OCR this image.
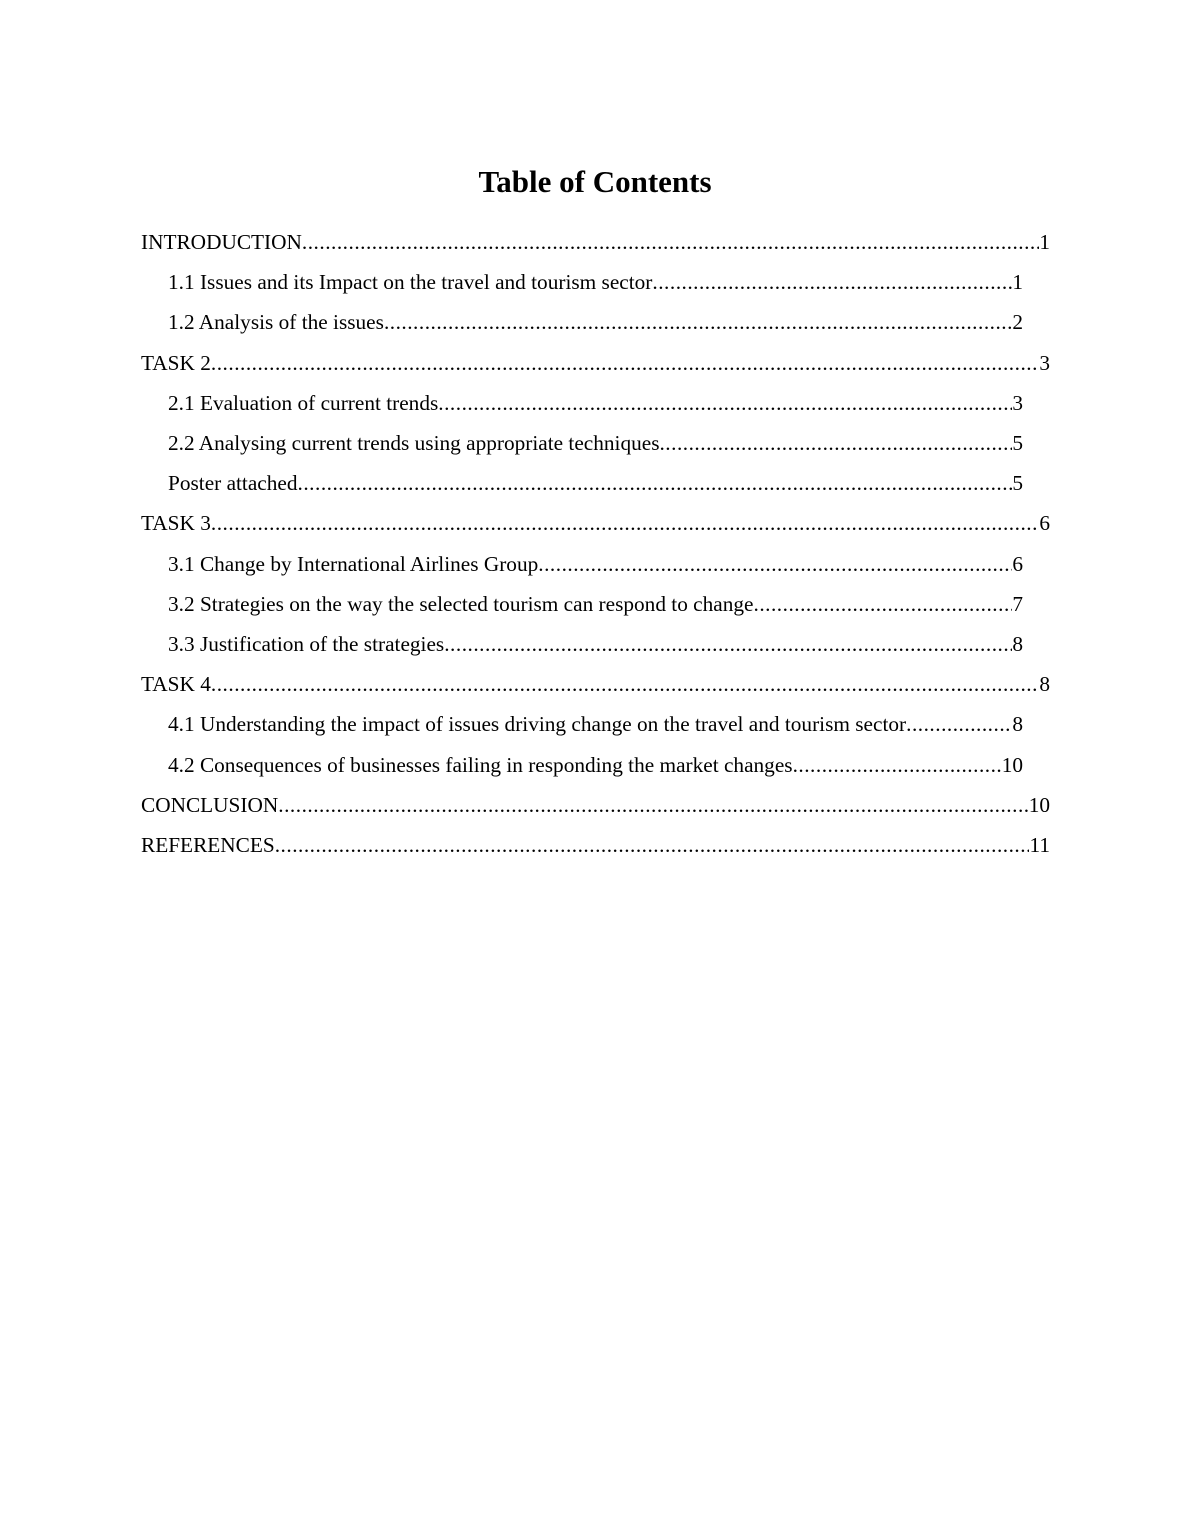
Table of Contents
INTRODUCTION .....	1
1.1 Issues and its Impact on the travel and tourism sector .....	1
1.2 Analysis of the issues .....	2
TASK 2 .....	3
2.1 Evaluation of current trends .....	3
2.2 Analysing current trends using appropriate techniques .....	5
Poster attached .....	5
TASK 3 .....	6
3.1 Change by International Airlines Group .....	6
3.2 Strategies on the way the selected tourism can respond to change .....	7
3.3 Justification of the strategies .....	8
TASK 4 .....	8
4.1 Understanding the impact of issues driving change on the travel and tourism sector .....	8
4.2 Consequences of businesses failing in responding the market changes .....	10
CONCLUSION .....	10
REFERENCES .....	11
